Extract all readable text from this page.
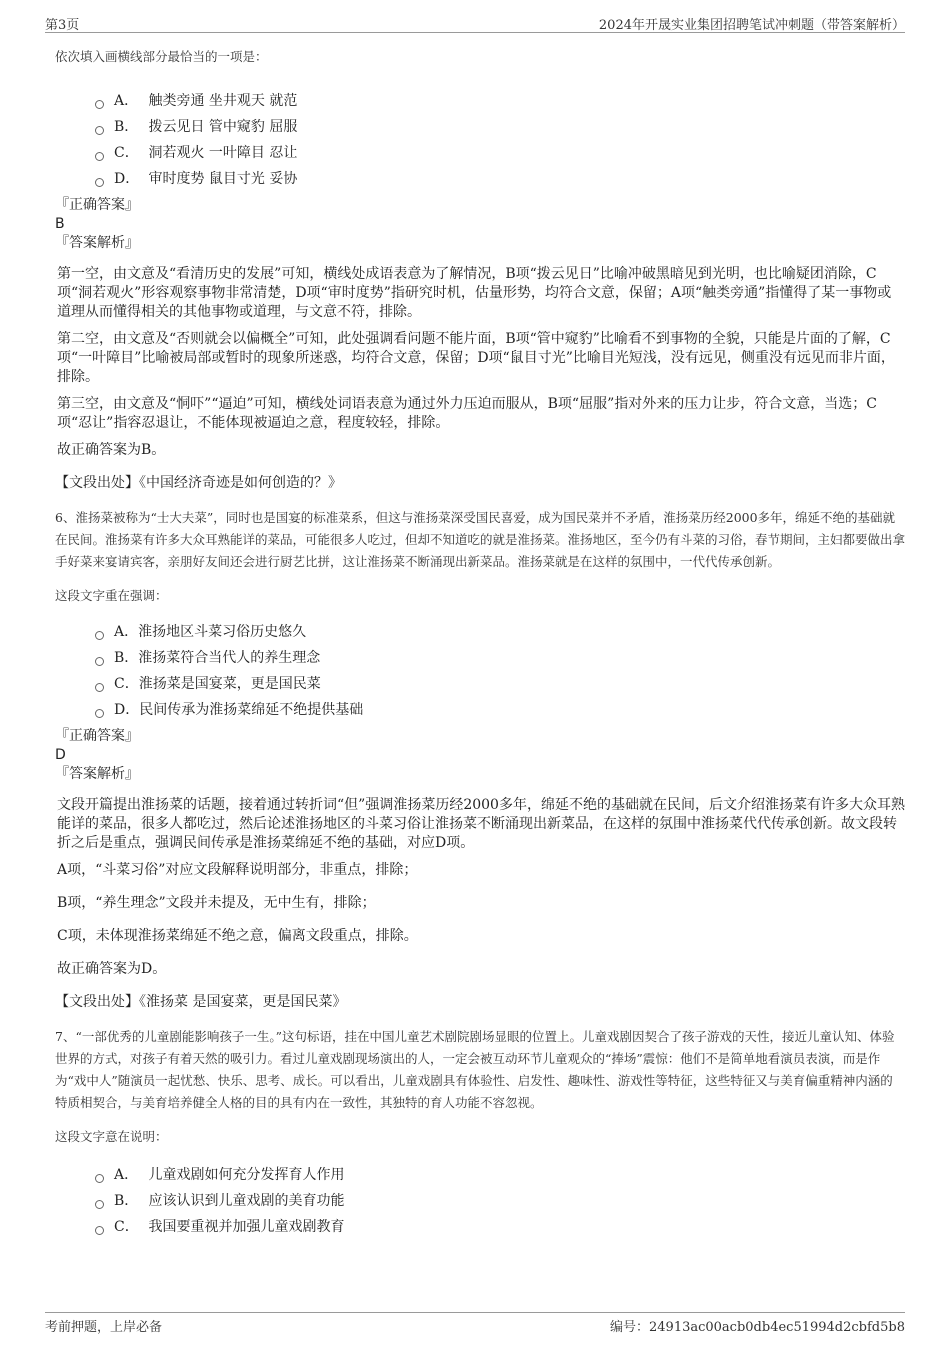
第3页	2024年开晟实业集团招聘笔试冲刺题（带答案解析）

依次填入画横线部分最恰当的一项是：

A． 触类旁通 坐井观天 就范
B． 拨云见日 管中窥豹 屈服
C． 洞若观火 一叶障目 忍让
D． 审时度势 鼠目寸光 妥协

『正确答案』

B

『答案解析』

第一空，由文意及“看清历史的发展”可知，横线处成语表意为了解情况，B项“拨云见日”比喻冲破黑暗见到光明，也比喻疑团消除，C项“洞若观火”形容观察事物非常清楚，D项“审时度势”指研究时机，估量形势，均符合文意，保留；A项“触类旁通”指懂得了某一事物或道理从而懂得相关的其他事物或道理，与文意不符，排除。

第二空，由文意及“否则就会以偏概全”可知，此处强调看问题不能片面，B项“管中窥豹”比喻看不到事物的全貌，只能是片面的了解，C项“一叶障目”比喻被局部或暂时的现象所迷惑，均符合文意，保留；D项“鼠目寸光”比喻目光短浅，没有远见，侧重没有远见而非片面，排除。

第三空，由文意及“恫吓”“逼迫”可知，横线处词语表意为通过外力压迫而服从，B项“屈服”指对外来的压力让步，符合文意，当选；C项“忍让”指容忍退让，不能体现被逼迫之意，程度较轻，排除。

故正确答案为B。

【文段出处】《中国经济奇迹是如何创造的？》

6、淮扬菜被称为“士大夫菜”，同时也是国宴的标准菜系，但这与淮扬菜深受国民喜爱，成为国民菜并不矛盾，淮扬菜历经2000多年，绵延不绝的基础就在民间。淮扬菜有许多大众耳熟能详的菜品，可能很多人吃过，但却不知道吃的就是淮扬菜。淮扬地区，至今仍有斗菜的习俗，春节期间，主妇都要做出拿手好菜来宴请宾客，亲朋好友间还会进行厨艺比拼，这让淮扬菜不断涌现出新菜品。淮扬菜就是在这样的氛围中，一代代传承创新。

这段文字重在强调：

A．淮扬地区斗菜习俗历史悠久
B．淮扬菜符合当代人的养生理念
C．淮扬菜是国宴菜，更是国民菜
D．民间传承为淮扬菜绵延不绝提供基础

『正确答案』

D

『答案解析』

文段开篇提出淮扬菜的话题，接着通过转折词“但”强调淮扬菜历经2000多年，绵延不绝的基础就在民间，后文介绍淮扬菜有许多大众耳熟能详的菜品，很多人都吃过，然后论述淮扬地区的斗菜习俗让淮扬菜不断涌现出新菜品，在这样的氛围中淮扬菜代代传承创新。故文段转折之后是重点，强调民间传承是淮扬菜绵延不绝的基础，对应D项。

A项，“斗菜习俗”对应文段解释说明部分，非重点，排除；

B项，“养生理念”文段并未提及，无中生有，排除；

C项，未体现淮扬菜绵延不绝之意，偏离文段重点，排除。

故正确答案为D。

【文段出处】《淮扬菜 是国宴菜，更是国民菜》

7、“一部优秀的儿童剧能影响孩子一生。”这句标语，挂在中国儿童艺术剧院剧场显眼的位置上。儿童戏剧因契合了孩子游戏的天性，接近儿童认知、体验世界的方式，对孩子有着天然的吸引力。看过儿童戏剧现场演出的人，一定会被互动环节儿童观众的“捧场”震惊：他们不是简单地看演员表演，而是作为“戏中人”随演员一起忧愁、快乐、思考、成长。可以看出，儿童戏剧具有体验性、启发性、趣味性、游戏性等特征，这些特征又与美育偏重精神内涵的特质相契合，与美育培养健全人格的目的具有内在一致性，其独特的育人功能不容忽视。

这段文字意在说明：

A． 儿童戏剧如何充分发挥育人作用
B． 应该认识到儿童戏剧的美育功能
C． 我国要重视并加强儿童戏剧教育
考前押题，上岸必备	编号：24913ac00acb0db4ec51994d2cbfd5b8
